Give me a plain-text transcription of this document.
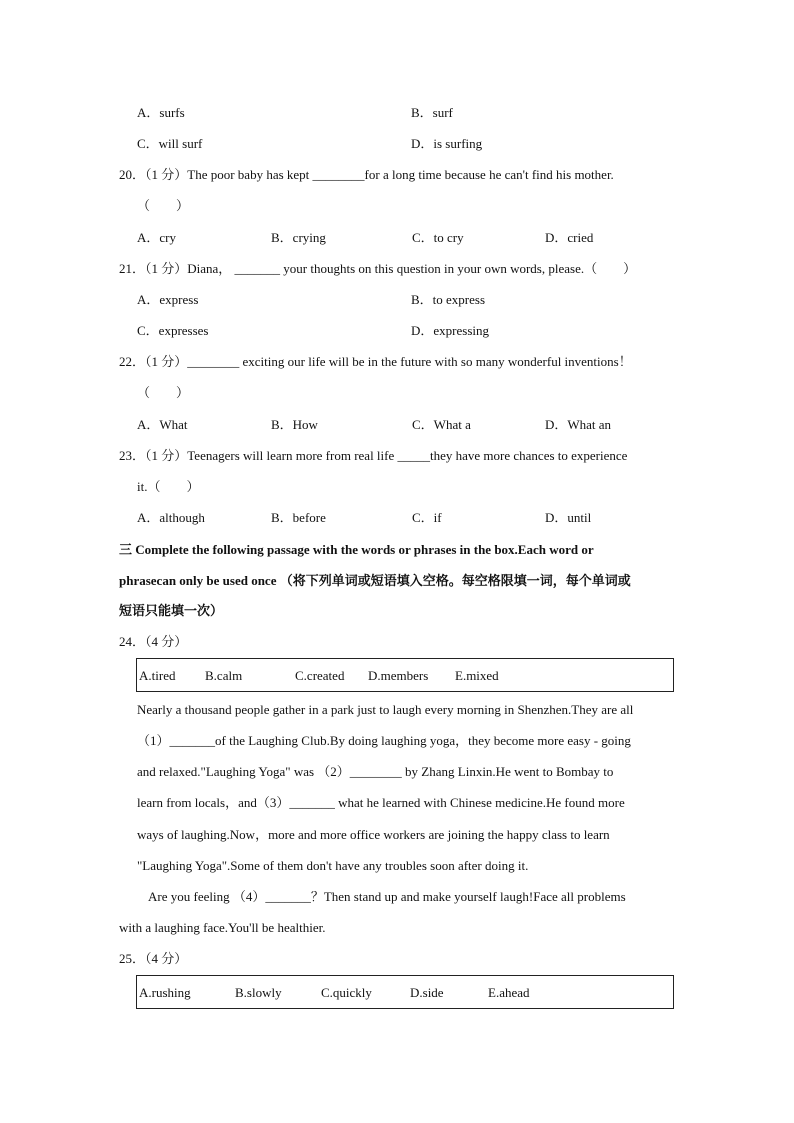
A．surfs	B．surf
C．will surf	D．is surfing
20．（1 分）The poor baby has kept ________for a long time because he can't find his mother.
（　　）
A．cry	B．crying	C．to cry	D．cried
21．（1 分）Diana， _______ your thoughts on this question in your own words, please.（　　）
A．express	B．to express
C．expresses	D．expressing
22．（1 分）________ exciting our life will be in the future with so many wonderful inventions！
（　　）
A．What	B．How	C．What a	D．What an
23．（1 分）Teenagers will learn more from real life _____they have more chances to experience
it.（　　）
A．although	B．before	C．if	D．until
三 Complete the following passage with the words or phrases in the box.Each word or
phrasecan only be used once （将下列单词或短语填入空格。每空格限填一词，每个单词或
短语只能填一次）
24．（4 分）
A.tired B.calm	C.created D.members E.mixed
Nearly a thousand people gather in a park just to laugh every morning in Shenzhen.They are all
（1）_______of the Laughing Club.By doing laughing yoga，they become more easy - going
and relaxed."Laughing Yoga" was （2）________ by Zhang Linxin.He went to Bombay to
learn from locals，and（3）_______ what he learned with Chinese medicine.He found more
ways of laughing.Now，more and more office workers are joining the happy class to learn
"Laughing Yoga".Some of them don't have any troubles soon after doing it.
Are you feeling （4）_______？Then stand up and make yourself laugh!Face all problems
with a laughing face.You'll be healthier.
25．（4 分）
A.rushing	B.slowly	C.quickly	D.side	E.ahead
